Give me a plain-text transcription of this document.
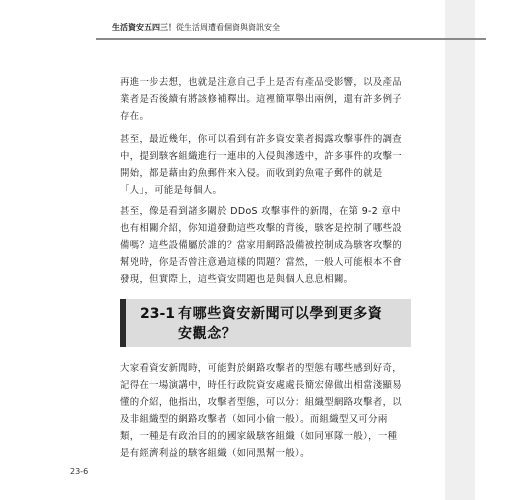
生活資安五四三！從生活周遭看個資與資訊安全
再進一步去想，也就是注意自己手上是否有產品受影響，以及產品業者是否後續有將該修補釋出。這裡簡單舉出兩例，還有許多例子存在。
甚至，最近幾年，你可以看到有許多資安業者揭露攻擊事件的調查中，提到駭客組織進行一連串的入侵與滲透中，許多事件的攻擊一開始，都是藉由釣魚郵件來入侵。而收到釣魚電子郵件的就是「人」，可能是每個人。
甚至，像是看到諸多關於 DDoS 攻擊事件的新聞，在第 9-2 章中也有相關介紹，你知道發動這些攻擊的背後，駭客是控制了哪些設備嗎？這些設備屬於誰的？當家用網路設備被控制成為駭客攻擊的幫兇時，你是否曾注意過這樣的問題？當然，一般人可能根本不會發現，但實際上，這些資安問題也是與個人息息相關。
23-1 有哪些資安新聞可以學到更多資
安觀念？
大家看資安新聞時，可能對於網路攻擊者的型態有哪些感到好奇，記得在一場演講中，時任行政院資安處處長簡宏偉做出相當淺顯易懂的介紹，他指出，攻擊者型態，可以分：組織型網路攻擊者，以及非組織型的網路攻擊者（如同小偷一般）。而組織型又可分兩類，一種是有政治目的的國家級駭客組織（如同軍隊一般），一種是有經濟利益的駭客組織（如同黑幫一般）。
23-6
